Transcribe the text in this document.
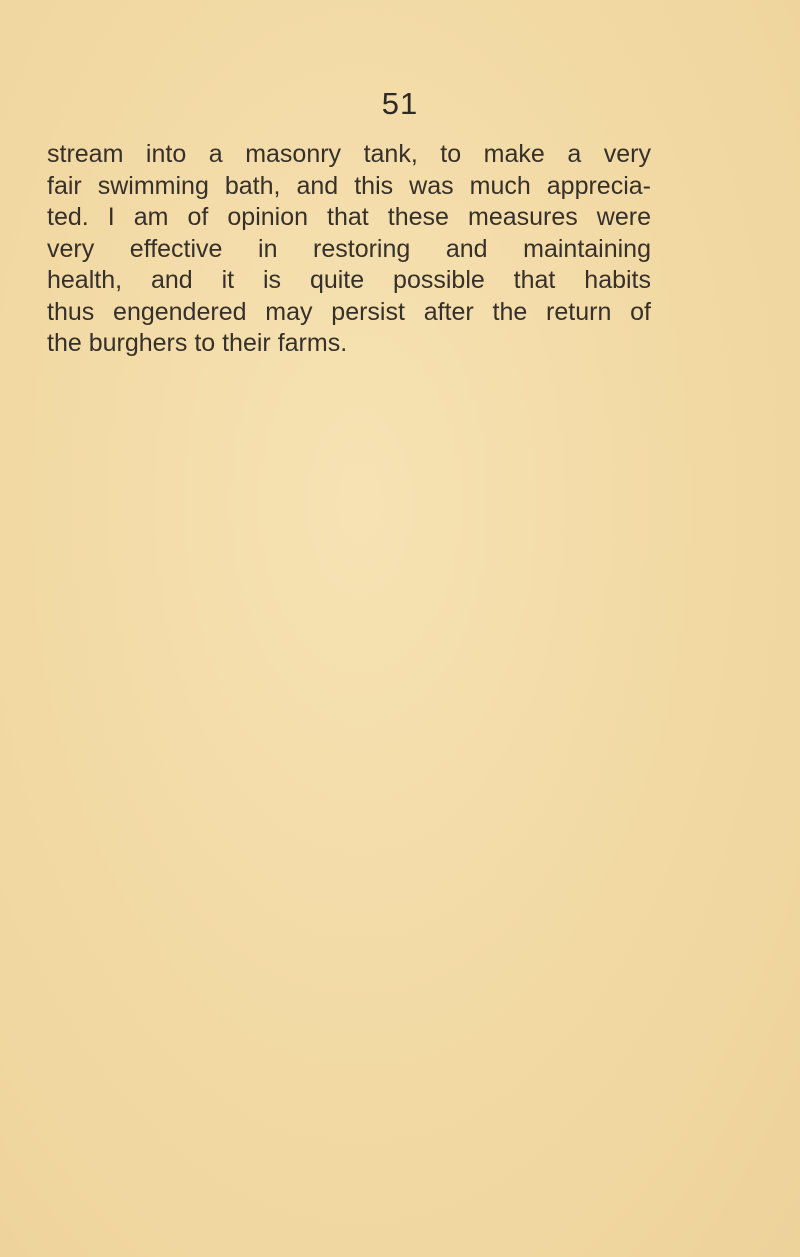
51
stream into a masonry tank, to make a very
fair swimming bath, and this was much apprecia-
ted. I am of opinion that these measures were
very effective in restoring and maintaining
health, and it is quite possible that habits
thus engendered may persist after the return of
the burghers to their farms.
